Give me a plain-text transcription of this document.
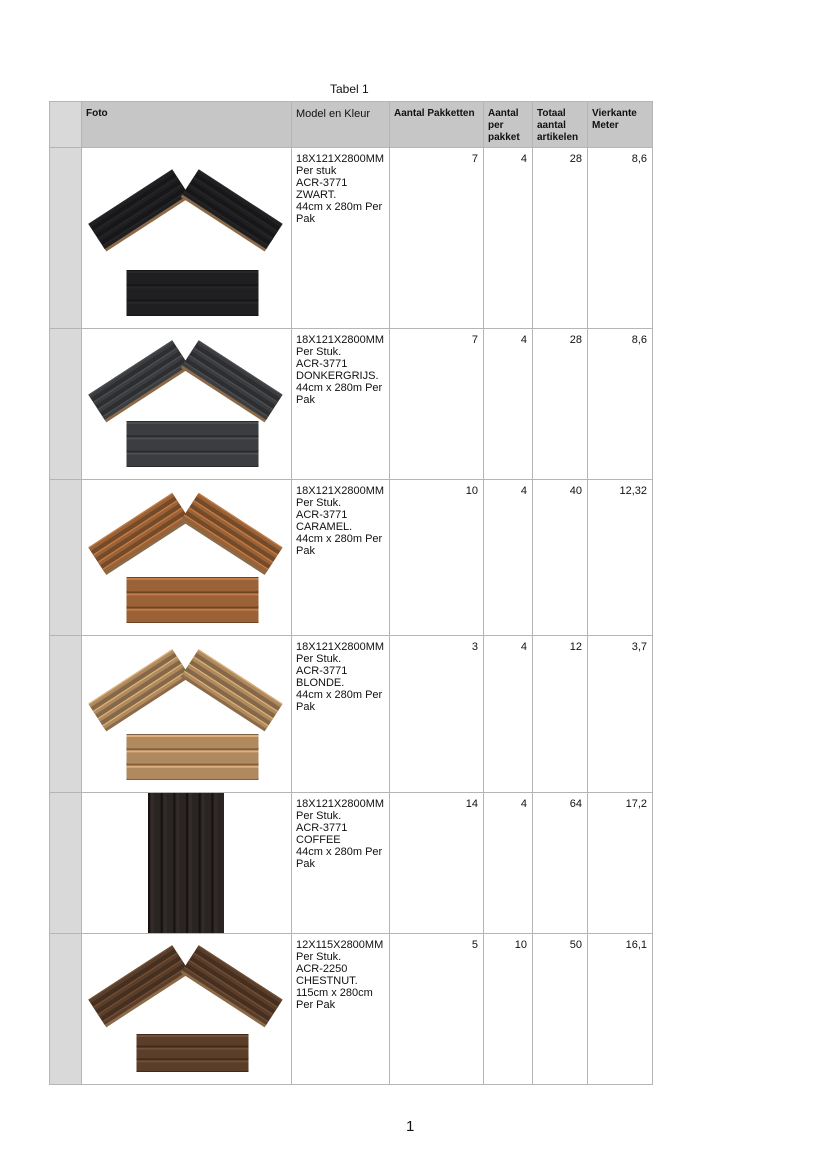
Tabel 1

	Foto	Model en Kleur	Aantal Pakketten	Aantal per pakket	Totaal aantal artikelen	Vierkante Meter

18X121X2800MM
Per stuk
ACR-3771
ZWART.
44cm x 280m Per Pak	7	4	28	8,6

18X121X2800MM
Per Stuk.
ACR-3771
DONKERGRIJS.
44cm x 280m Per Pak	7	4	28	8,6

18X121X2800MM
Per Stuk.
ACR-3771
CARAMEL.
44cm x 280m Per Pak	10	4	40	12,32

18X121X2800MM
Per Stuk.
ACR-3771
BLONDE.
44cm x 280m Per Pak	3	4	12	3,7

18X121X2800MM
Per Stuk.
ACR-3771
COFFEE
44cm x 280m Per Pak	14	4	64	17,2

12X115X2800MM
Per Stuk.
ACR-2250
CHESTNUT.
115cm x 280cm Per Pak	5	10	50	16,1
1
